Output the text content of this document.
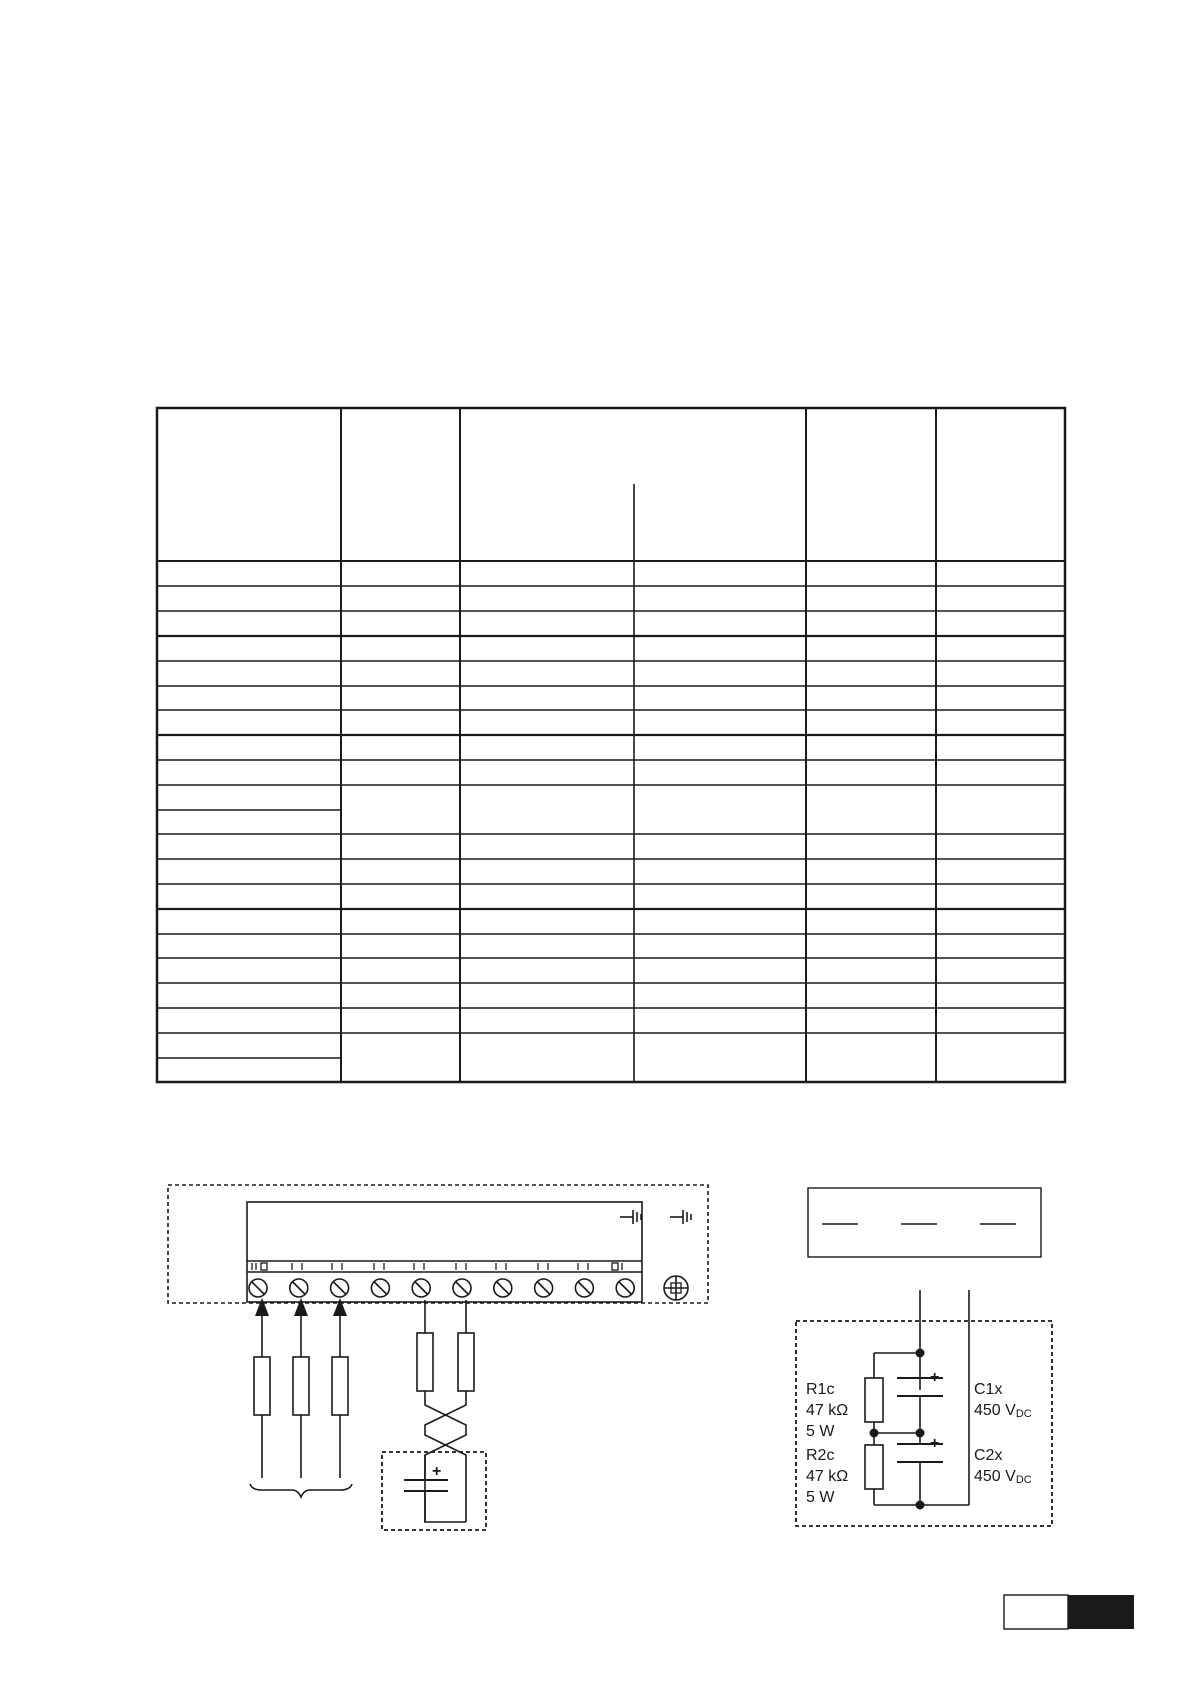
+
R1c
47 kΩ
5 W
R2c
47 kΩ
5 W
+
+
C1x
450 VDC
C2x
450 VDC
